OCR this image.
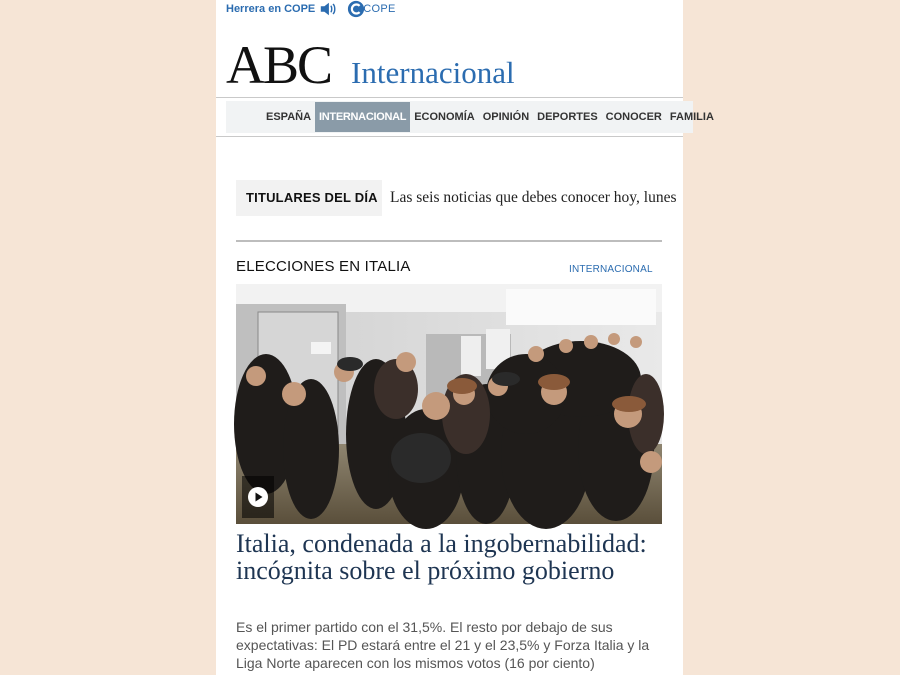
Herrera en COPE	COPE
ABC Internacional
ESPAÑA INTERNACIONAL ECONOMÍA OPINIÓN DEPORTES CONOCER FAMILIA
TITULARES DEL DÍA Las seis noticias que debes conocer hoy, lunes
ELECCIONES EN ITALIA	INTERNACIONAL
Italia, condenada a la ingobernabilidad: incógnita sobre el próximo gobierno
Es el primer partido con el 31,5%. El resto por debajo de sus expectativas: El PD estará entre el 21 y el 23,5% y Forza Italia y la Liga Norte aparecen con los mismos votos (16 por ciento)
